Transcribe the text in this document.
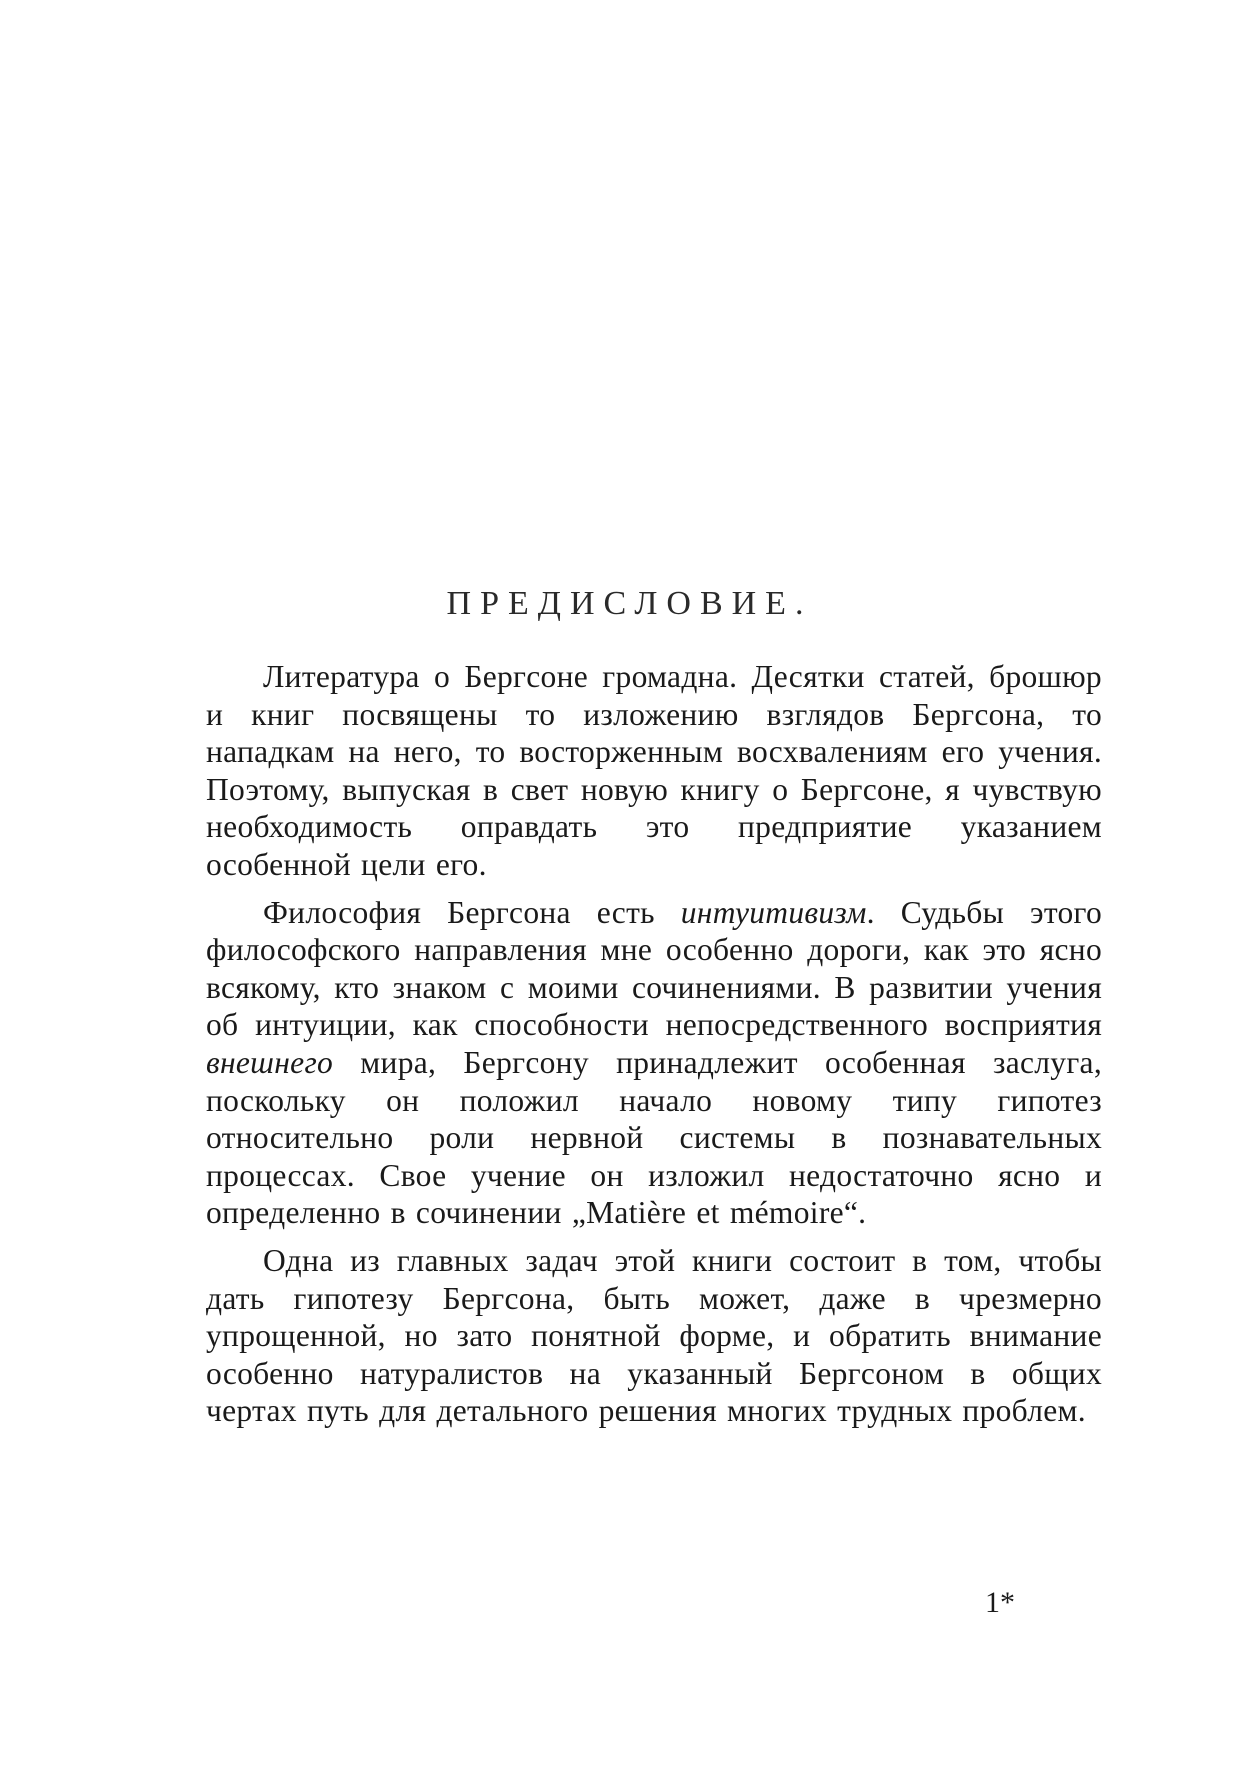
ПРЕДИСЛОВИЕ.

Литература о Бергсоне громадна. Десятки статей, брошюр и книг посвящены то изложению взглядов Бергсона, то нападкам на него, то восторженным восхвалениям его учения. Поэтому, выпуская в свет новую книгу о Бергсоне, я чувствую необходимость оправдать это предприятие указанием особенной цели его.

Философия Бергсона есть интуитивизм. Судьбы этого философского направления мне особенно дороги, как это ясно всякому, кто знаком с моими сочинениями. В развитии учения об интуиции, как способности непосредственного восприятия внешнего мира, Бергсону принадлежит особенная заслуга, поскольку он положил начало новому типу гипотез относительно роли нервной системы в познавательных процессах. Свое учение он изложил недостаточно ясно и определенно в сочинении „Matière et mémoire“.

Одна из главных задач этой книги состоит в том, чтобы дать гипотезу Бергсона, быть может, даже в чрезмерно упрощенной, но зато понятной форме, и обратить внимание особенно натуралистов на указанный Бергсоном в общих чертах путь для детального решения многих трудных проблем.

1*
